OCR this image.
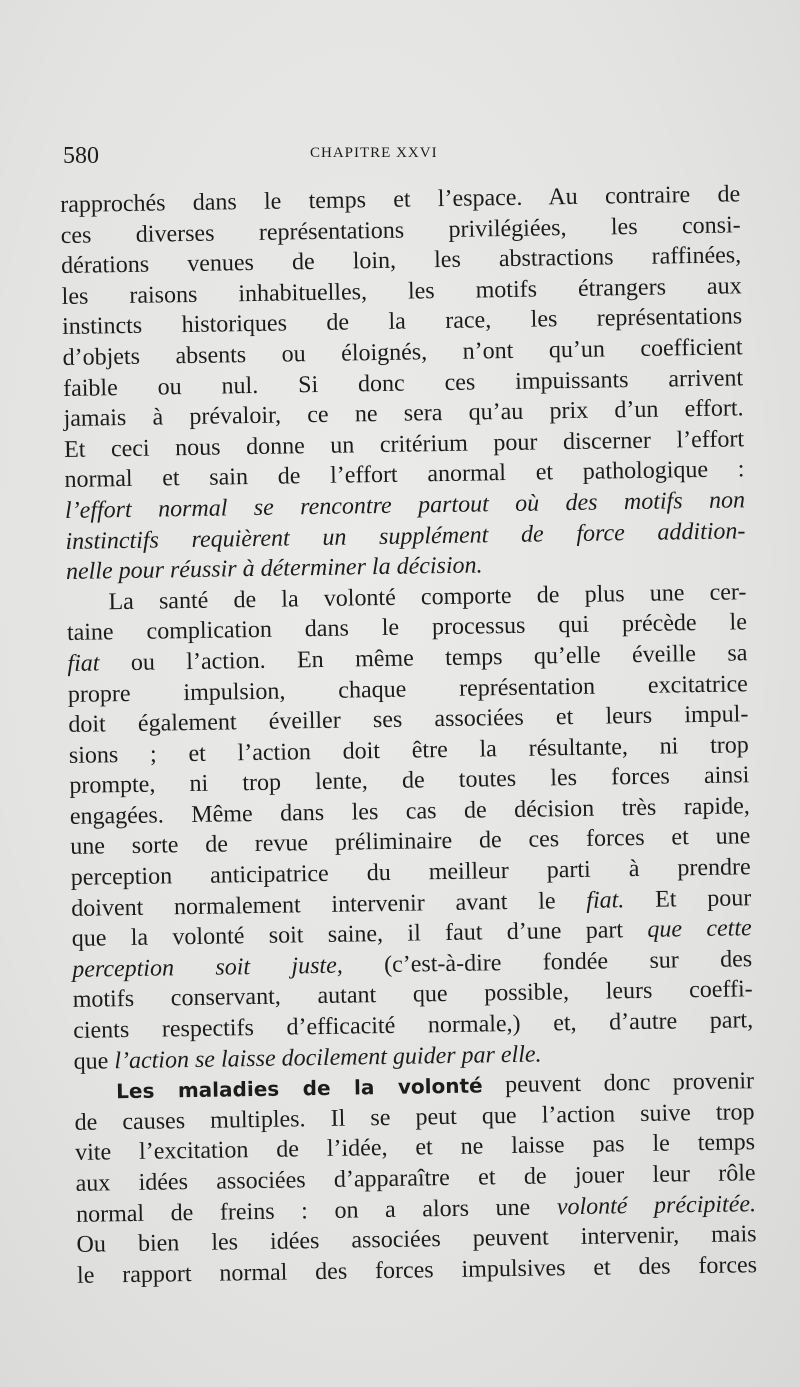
580	CHAPITRE XXVI
rapprochés dans le temps et l’espace. Au contraire de
ces diverses représentations privilégiées, les consi-
dérations venues de loin, les abstractions raffinées,
les raisons inhabituelles, les motifs étrangers aux
instincts historiques de la race, les représentations
d’objets absents ou éloignés, n’ont qu’un coefficient
faible ou nul. Si donc ces impuissants arrivent
jamais à prévaloir, ce ne sera qu’au prix d’un effort.
Et ceci nous donne un critérium pour discerner l’effort
normal et sain de l’effort anormal et pathologique :
l’effort normal se rencontre partout où des motifs non
instinctifs requièrent un supplément de force addition-
nelle pour réussir à déterminer la décision.
La santé de la volonté comporte de plus une cer-
taine complication dans le processus qui précède le
fiat ou l’action. En même temps qu’elle éveille sa
propre impulsion, chaque représentation excitatrice
doit également éveiller ses associées et leurs impul-
sions ; et l’action doit être la résultante, ni trop
prompte, ni trop lente, de toutes les forces ainsi
engagées. Même dans les cas de décision très rapide,
une sorte de revue préliminaire de ces forces et une
perception anticipatrice du meilleur parti à prendre
doivent normalement intervenir avant le fiat. Et pour
que la volonté soit saine, il faut d’une part que cette
perception soit juste, (c’est-à-dire fondée sur des
motifs conservant, autant que possible, leurs coeffi-
cients respectifs d’efficacité normale,) et, d’autre part,
que l’action se laisse docilement guider par elle.
Les maladies de la volonté peuvent donc provenir
de causes multiples. Il se peut que l’action suive trop
vite l’excitation de l’idée, et ne laisse pas le temps
aux idées associées d’apparaître et de jouer leur rôle
normal de freins : on a alors une volonté précipitée.
Ou bien les idées associées peuvent intervenir, mais
le rapport normal des forces impulsives et des forces
